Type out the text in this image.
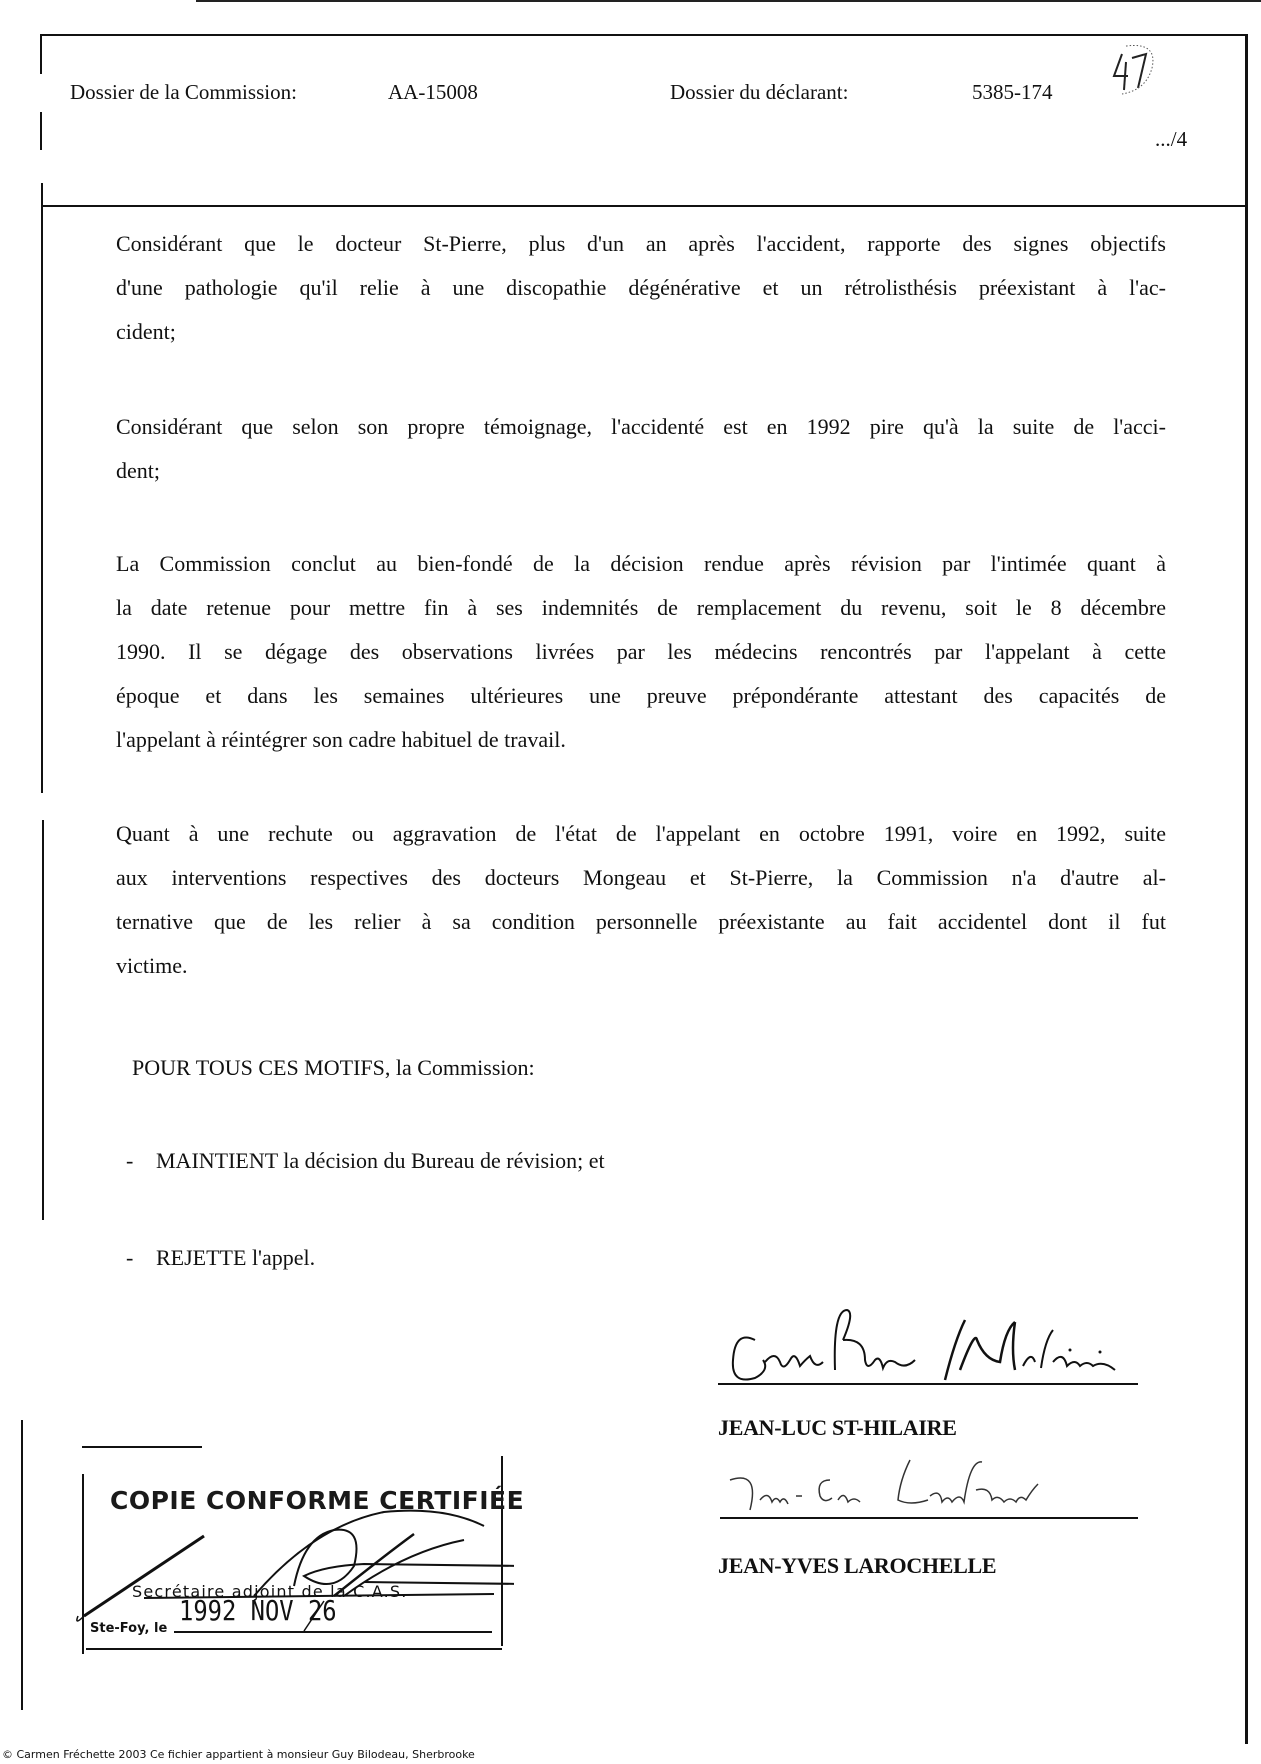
Dossier de la Commission:	AA-15008	Dossier du déclarant:	5385-174
.../4
Considérant que le docteur St-Pierre, plus d'un an après l'accident, rapporte des signes objectifs
d'une pathologie qu'il relie à une discopathie dégénérative et un rétrolisthésis préexistant à l'ac-
cident;
Considérant que selon son propre témoignage, l'accidenté est en 1992 pire qu'à la suite de l'acci-
dent;
La Commission conclut au bien-fondé de la décision rendue après révision par l'intimée quant à
la date retenue pour mettre fin à ses indemnités de remplacement du revenu, soit le 8 décembre
1990. Il se dégage des observations livrées par les médecins rencontrés par l'appelant à cette
époque et dans les semaines ultérieures une preuve prépondérante attestant des capacités de
l'appelant à réintégrer son cadre habituel de travail.
Quant à une rechute ou aggravation de l'état de l'appelant en octobre 1991, voire en 1992, suite
aux interventions respectives des docteurs Mongeau et St-Pierre, la Commission n'a d'autre al-
ternative que de les relier à sa condition personnelle préexistante au fait accidentel dont il fut
victime.
POUR TOUS CES MOTIFS, la Commission:
- MAINTIENT la décision du Bureau de révision; et
- REJETTE l'appel.
JEAN-LUC ST-HILAIRE
JEAN-YVES LAROCHELLE
COPIE CONFORME CERTIFIÉE
Secrétaire adjoint de la C.A.S.
1992 NOV 26
Ste-Foy, le
© Carmen Fréchette 2003 Ce fichier appartient à monsieur Guy Bilodeau, Sherbrooke
